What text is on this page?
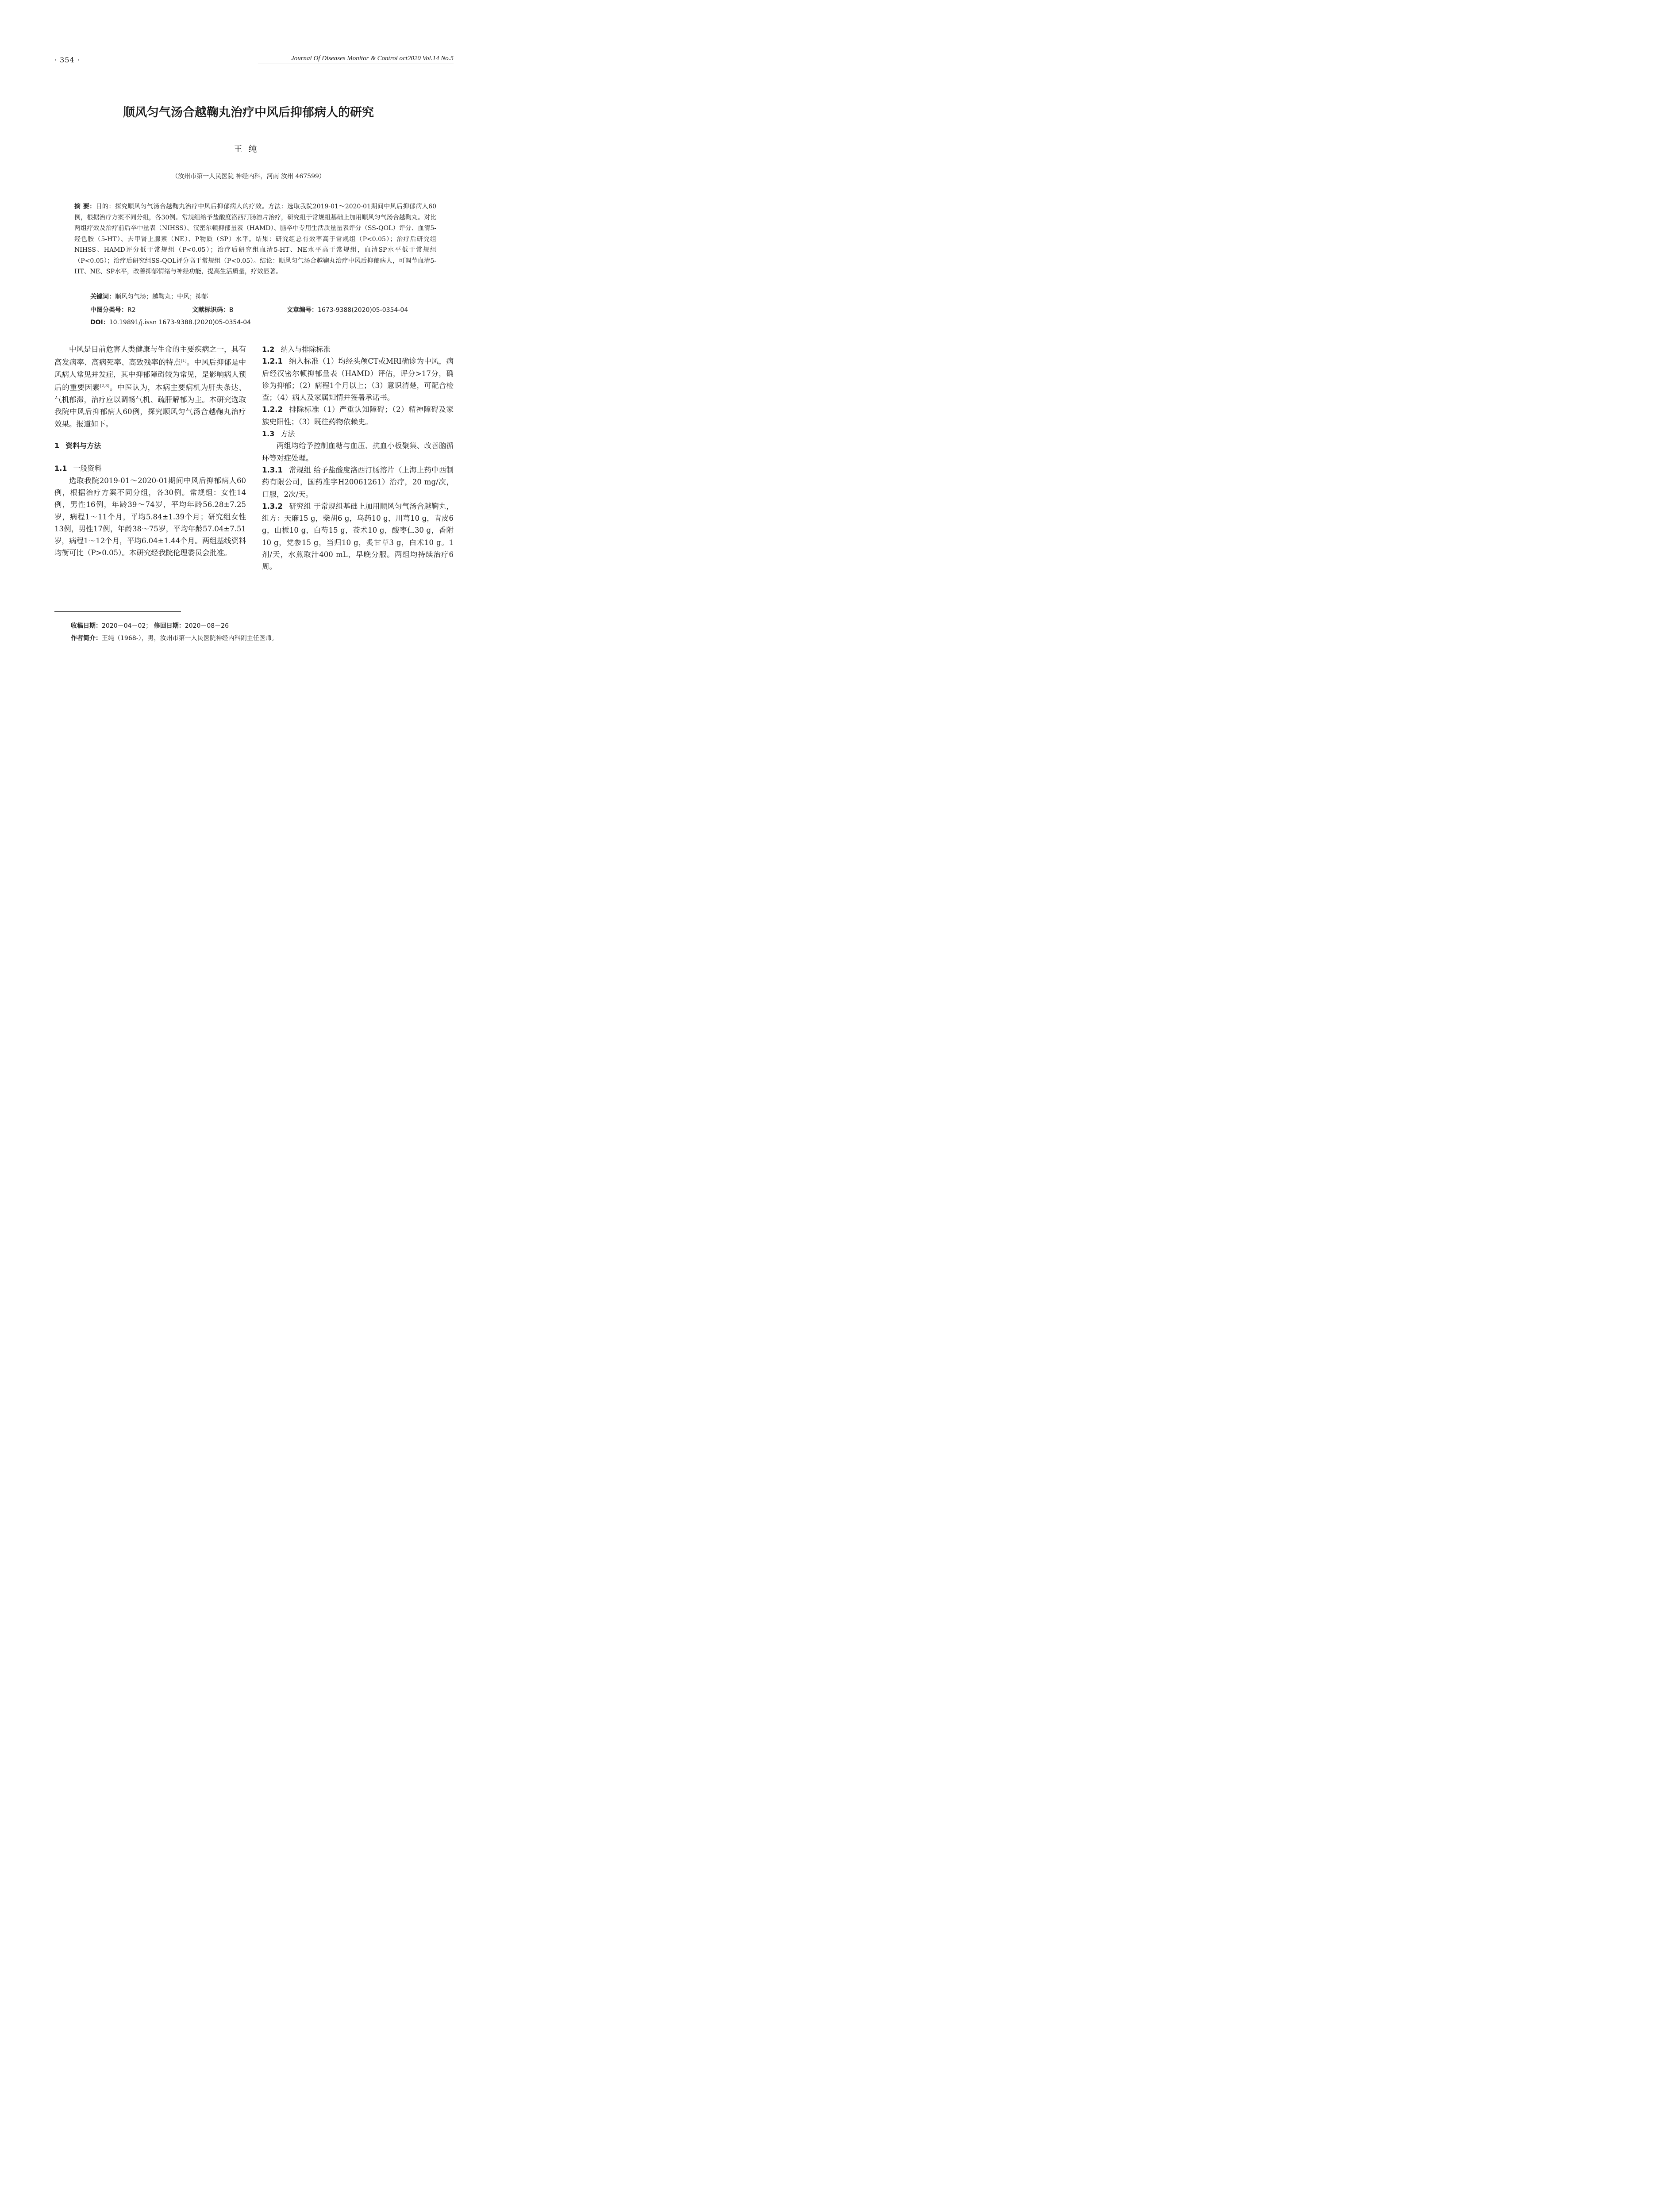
· 354 ·	Journal Of Diseases Monitor & Control oct2020 Vol.14 No.5
顺风匀气汤合越鞠丸治疗中风后抑郁病人的研究
王纯
（汝州市第一人民医院 神经内科，河南 汝州 467599）
摘 要：目的：探究顺风匀气汤合越鞠丸治疗中风后抑郁病人的疗效。方法：选取我院2019-01～2020-01期间中风后抑郁病人60例，根据治疗方案不同分组，各30例。常规组给予盐酸度洛西汀肠溶片治疗，研究组于常规组基础上加用顺风匀气汤合越鞠丸。对比两组疗效及治疗前后卒中量表（NIHSS）、汉密尔顿抑郁量表（HAMD）、脑卒中专用生活质量量表评分（SS-QOL）评分、血清5-羟色胺（5-HT）、去甲肾上腺素（NE）、P物质（SP）水平。结果：研究组总有效率高于常规组（P<0.05）；治疗后研究组NIHSS、HAMD评分低于常规组（P<0.05）；治疗后研究组血清5-HT、NE水平高于常规组，血清SP水平低于常规组（P<0.05）；治疗后研究组SS-QOL评分高于常规组（P<0.05）。结论：顺风匀气汤合越鞠丸治疗中风后抑郁病人，可调节血清5-HT、NE、SP水平，改善抑郁情绪与神经功能，提高生活质量，疗效显著。
关键词：顺风匀气汤；越鞠丸；中风；抑郁
中图分类号：R2	文献标识码：B	文章编号：1673-9388(2020)05-0354-04
DOI：10.19891/j.issn 1673-9388.(2020)05-0354-04

中风是目前危害人类健康与生命的主要疾病之一，具有高发病率、高病死率、高致残率的特点[1]。中风后抑郁是中风病人常见并发症，其中抑郁障碍较为常见，是影响病人预后的重要因素[2,3]。中医认为，本病主要病机为肝失条达、气机郁滞，治疗应以调畅气机、疏肝解郁为主。本研究选取我院中风后抑郁病人60例，探究顺风匀气汤合越鞠丸治疗效果。报道如下。

1 资料与方法

1.1 一般资料

选取我院2019-01～2020-01期间中风后抑郁病人60例，根据治疗方案不同分组，各30例。常规组：女性14例，男性16例，年龄39～74岁，平均年龄56.28±7.25岁，病程1～11个月，平均5.84±1.39个月；研究组女性13例，男性17例，年龄38～75岁，平均年龄57.04±7.51岁，病程1～12个月，平均6.04±1.44个月。两组基线资料均衡可比（P>0.05）。本研究经我院伦理委员会批准。

1.2 纳入与排除标准

1.2.1 纳入标准（1）均经头颅CT或MRI确诊为中风，病后经汉密尔顿抑郁量表（HAMD）评估，评分>17分，确诊为抑郁；（2）病程1个月以上；（3）意识清楚，可配合检查；（4）病人及家属知情并签署承诺书。

1.2.2 排除标准（1）严重认知障碍；（2）精神障碍及家族史阳性；（3）既往药物依赖史。

1.3 方法

两组均给予控制血糖与血压、抗血小板聚集、改善脑循环等对症处理。

1.3.1 常规组 给予盐酸度洛西汀肠溶片（上海上药中西制药有限公司，国药准字H20061261）治疗，20 mg/次，口服，2次/天。

1.3.2 研究组 于常规组基础上加用顺风匀气汤合越鞠丸，组方：天麻15 g，柴胡6 g，乌药10 g，川芎10 g，青皮6 g，山栀10 g，白芍15 g，苍术10 g，酸枣仁30 g，香附10 g，党参15 g，当归10 g，炙甘草3 g，白术10 g。1剂/天，水煎取汁400 mL，早晚分服。两组均持续治疗6周。

收稿日期：2020－04－02； 修回日期：2020－08－26
作者简介：王纯（1968-），男，汝州市第一人民医院神经内科副主任医师。
